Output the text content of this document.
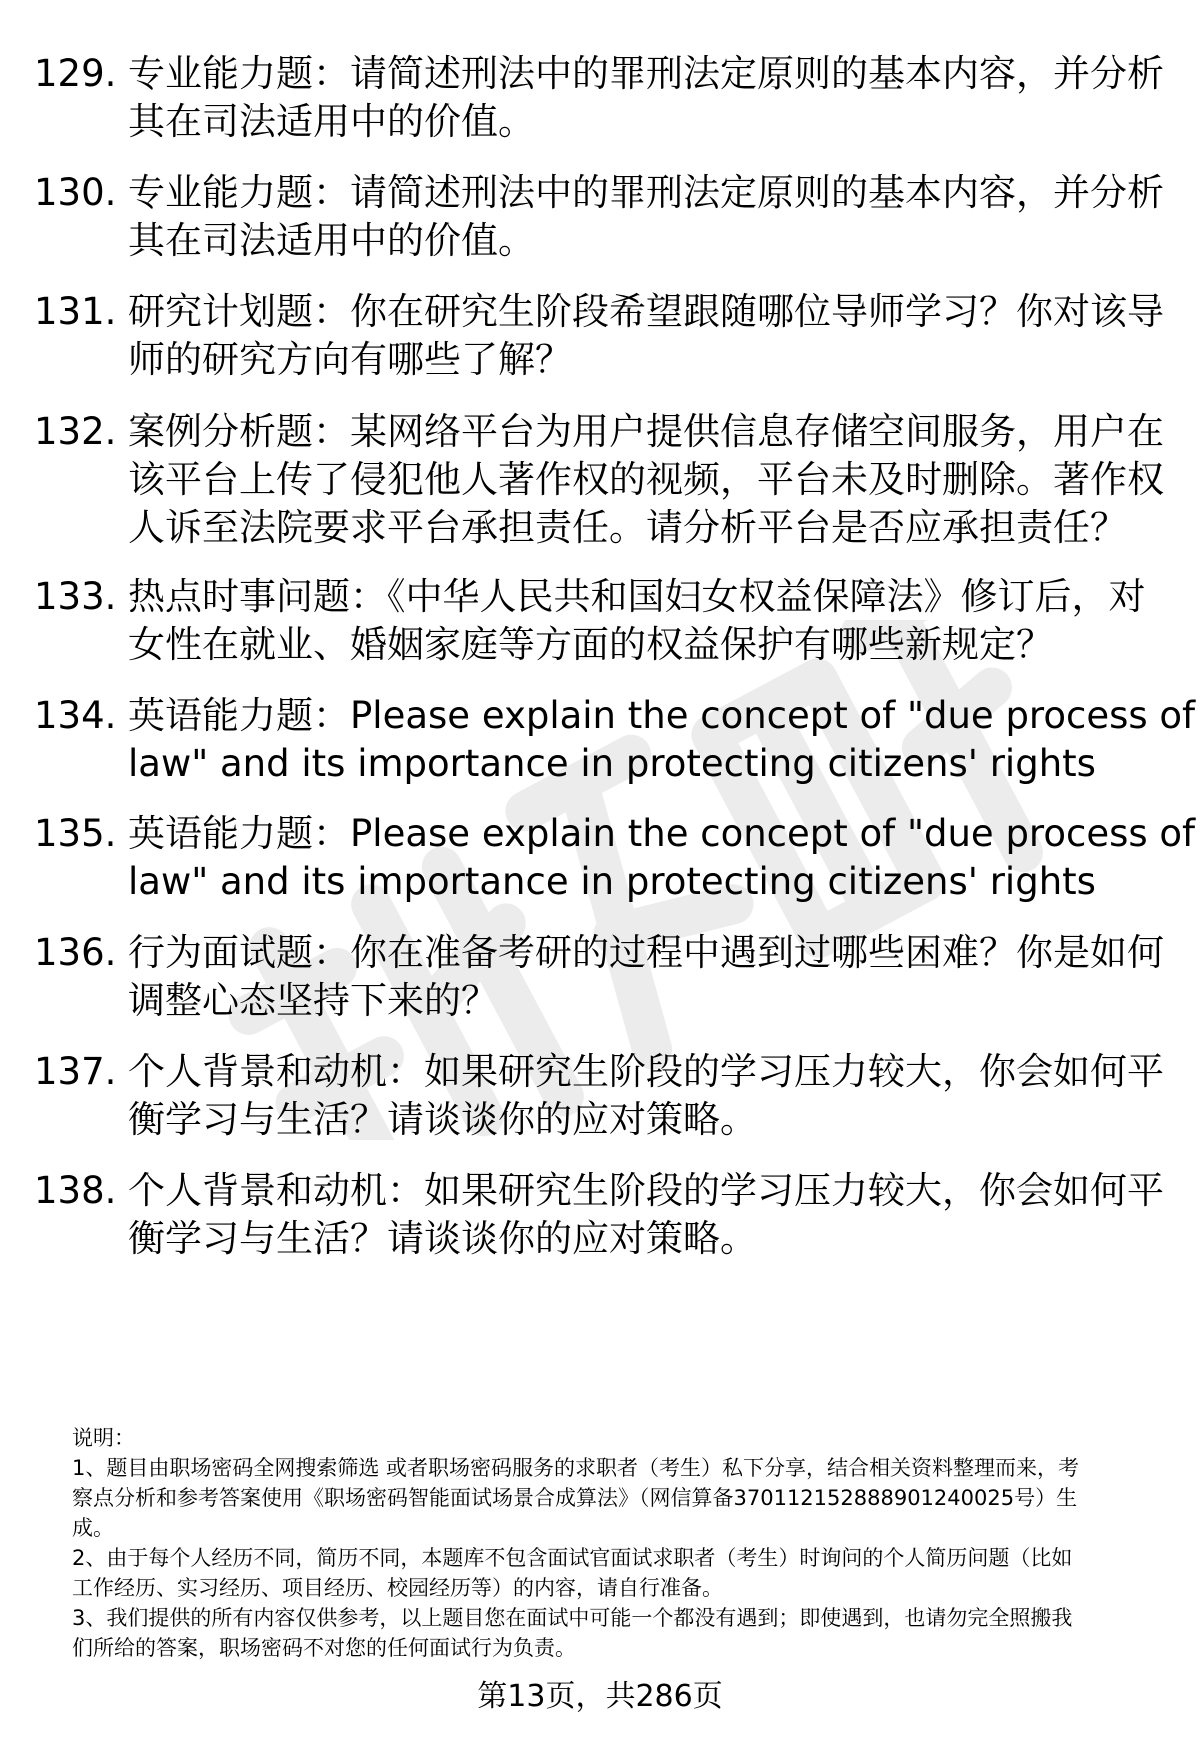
129. 专业能力题：请简述刑法中的罪刑法定原则的基本内容，并分析
其在司法适用中的价值。
130. 专业能力题：请简述刑法中的罪刑法定原则的基本内容，并分析
其在司法适用中的价值。
131. 研究计划题：你在研究生阶段希望跟随哪位导师学习？你对该导
师的研究方向有哪些了解？
132. 案例分析题：某网络平台为用户提供信息存储空间服务，用户在
该平台上传了侵犯他人著作权的视频，平台未及时删除。著作权
人诉至法院要求平台承担责任。请分析平台是否应承担责任？
133. 热点时事问题：《中华人民共和国妇女权益保障法》修订后，对
女性在就业、婚姻家庭等方面的权益保护有哪些新规定？
134. 英语能力题：Please explain the concept of "due process of
law" and its importance in protecting citizens' rights
135. 英语能力题：Please explain the concept of "due process of
law" and its importance in protecting citizens' rights
136. 行为面试题：你在准备考研的过程中遇到过哪些困难？你是如何
调整心态坚持下来的？
137. 个人背景和动机：如果研究生阶段的学习压力较大，你会如何平
衡学习与生活？请谈谈你的应对策略。
138. 个人背景和动机：如果研究生阶段的学习压力较大，你会如何平
衡学习与生活？请谈谈你的应对策略。
说明：
1、题目由职场密码全网搜索筛选 或者职场密码服务的求职者（考生）私下分享，结合相关资料整理而来，考
察点分析和参考答案使用《职场密码智能面试场景合成算法》（网信算备370112152888901240025号）生
成。
2、由于每个人经历不同，简历不同，本题库不包含面试官面试求职者（考生）时询问的个人简历问题（比如
工作经历、实习经历、项目经历、校园经历等）的内容，请自行准备。
3、我们提供的所有内容仅供参考，以上题目您在面试中可能一个都没有遇到；即使遇到，也请勿完全照搬我
们所给的答案，职场密码不对您的任何面试行为负责。
第13页，共286页
